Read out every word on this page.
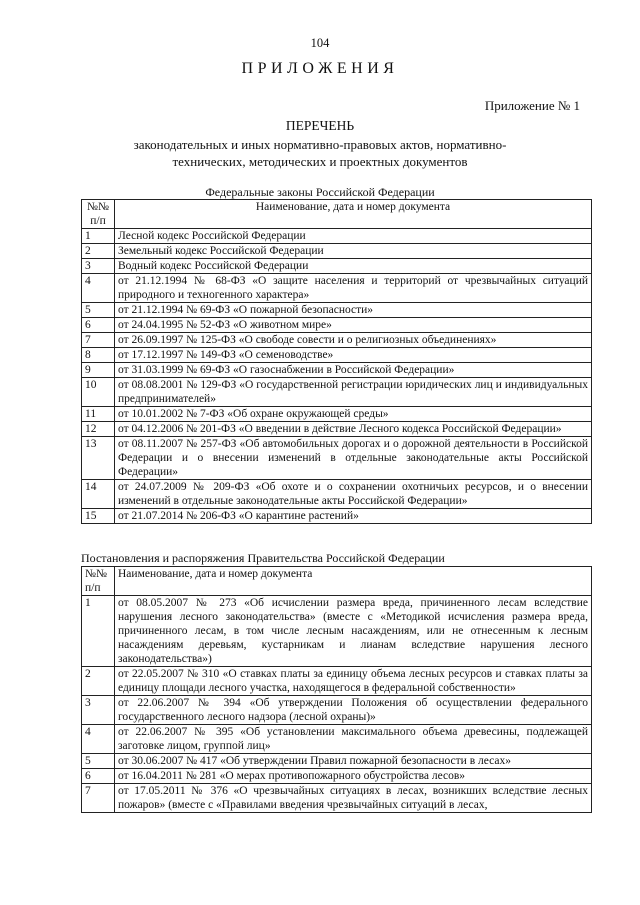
104
ПРИЛОЖЕНИЯ
Приложение № 1
ПЕРЕЧЕНЬ
законодательных и иных нормативно-правовых актов, нормативно-
технических, методических и проектных документов
Федеральные законы Российской Федерации
№№ п/п	Наименование, дата и номер документа
1	Лесной кодекс Российской Федерации
2	Земельный кодекс Российской Федерации
3	Водный кодекс Российской Федерации
4	от 21.12.1994 № 68-ФЗ «О защите населения и территорий от чрезвычайных ситуаций природного и техногенного характера»
5	от 21.12.1994 № 69-ФЗ «О пожарной безопасности»
6	от 24.04.1995 № 52-ФЗ «О животном мире»
7	от 26.09.1997 № 125-ФЗ «О свободе совести и о религиозных объединениях»
8	от 17.12.1997 № 149-ФЗ «О семеноводстве»
9	от 31.03.1999 № 69-ФЗ «О газоснабжении в Российской Федерации»
10	от 08.08.2001 № 129-ФЗ «О государственной регистрации юридических лиц и индивидуальных предпринимателей»
11	от 10.01.2002 № 7-ФЗ «Об охране окружающей среды»
12	от 04.12.2006 № 201-ФЗ «О введении в действие Лесного кодекса Российской Федерации»
13	от 08.11.2007 № 257-ФЗ «Об автомобильных дорогах и о дорожной деятельности в Российской Федерации и о внесении изменений в отдельные законодательные акты Российской Федерации»
14	от 24.07.2009 № 209-ФЗ «Об охоте и о сохранении охотничьих ресурсов, и о внесении изменений в отдельные законодательные акты Российской Федерации»
15	от 21.07.2014 № 206-ФЗ «О карантине растений»
Постановления и распоряжения Правительства Российской Федерации
№№ п/п	Наименование, дата и номер документа
1	от 08.05.2007 № 273 «Об исчислении размера вреда, причиненного лесам вследствие нарушения лесного законодательства» (вместе с «Методикой исчисления размера вреда, причиненного лесам, в том числе лесным насаждениям, или не отнесенным к лесным насаждениям деревьям, кустарникам и лианам вследствие нарушения лесного законодательства»)
2	от 22.05.2007 № 310 «О ставках платы за единицу объема лесных ресурсов и ставках платы за единицу площади лесного участка, находящегося в федеральной собственности»
3	от 22.06.2007 № 394 «Об утверждении Положения об осуществлении федерального государственного лесного надзора (лесной охраны)»
4	от 22.06.2007 № 395 «Об установлении максимального объема древесины, подлежащей заготовке лицом, группой лиц»
5	от 30.06.2007 № 417 «Об утверждении Правил пожарной безопасности в лесах»
6	от 16.04.2011 № 281 «О мерах противопожарного обустройства лесов»
7	от 17.05.2011 № 376 «О чрезвычайных ситуациях в лесах, возникших вследствие лесных пожаров» (вместе с «Правилами введения чрезвычайных ситуаций в лесах,
